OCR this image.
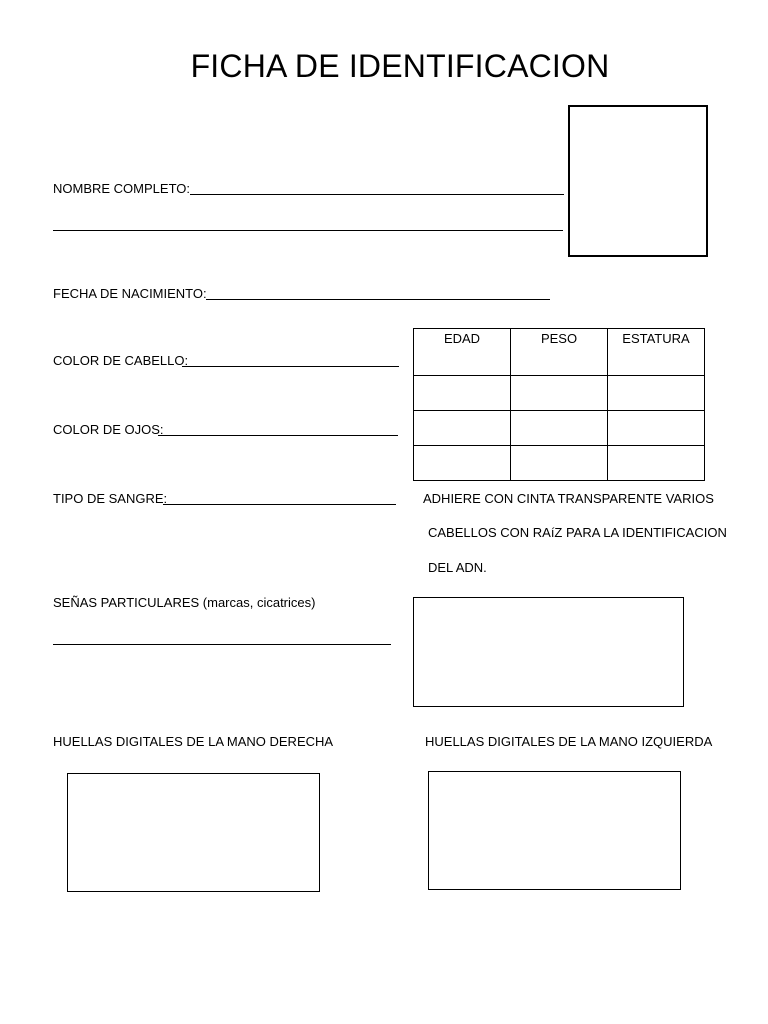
FICHA DE IDENTIFICACION
NOMBRE COMPLETO:
FECHA DE NACIMIENTO:
COLOR DE CABELLO:
COLOR DE OJOS:
TIPO DE SANGRE:
EDAD	PESO	ESTATURA

ADHIERE CON CINTA TRANSPARENTE VARIOS
CABELLOS CON RAíZ PARA LA IDENTIFICACION
DEL ADN.
SEÑAS PARTICULARES (marcas, cicatrices)
HUELLAS DIGITALES DE LA MANO DERECHA	HUELLAS DIGITALES DE LA MANO IZQUIERDA
